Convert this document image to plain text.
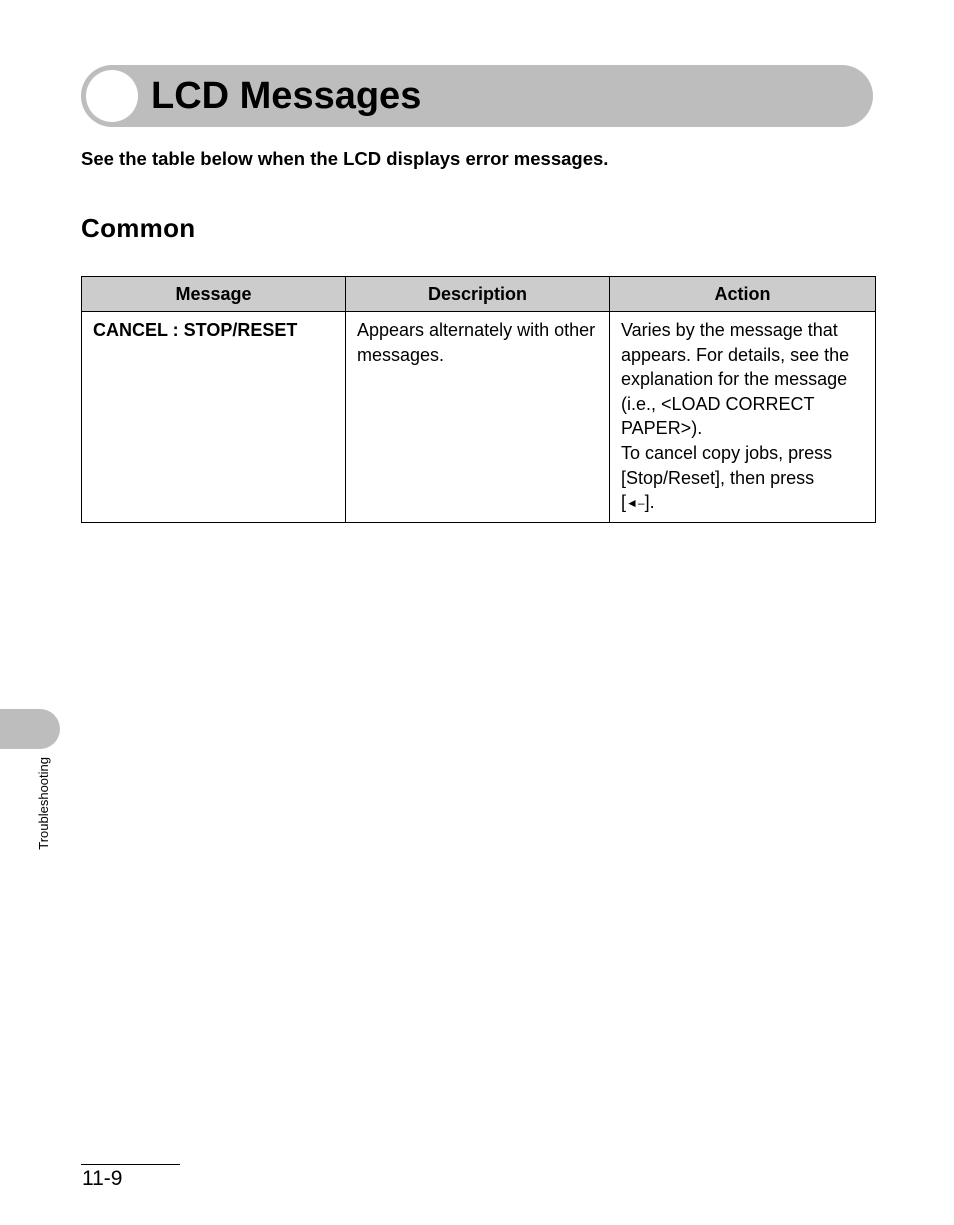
LCD Messages

See the table below when the LCD displays error messages.

Common
Message	Description	Action
CANCEL : STOP/RESET	Appears alternately with other messages.	Varies by the message that appears. For details, see the explanation for the message (i.e., <LOAD CORRECT PAPER>).
To cancel copy jobs, press [Stop/Reset], then press
[◄–].
Troubleshooting

11-9
